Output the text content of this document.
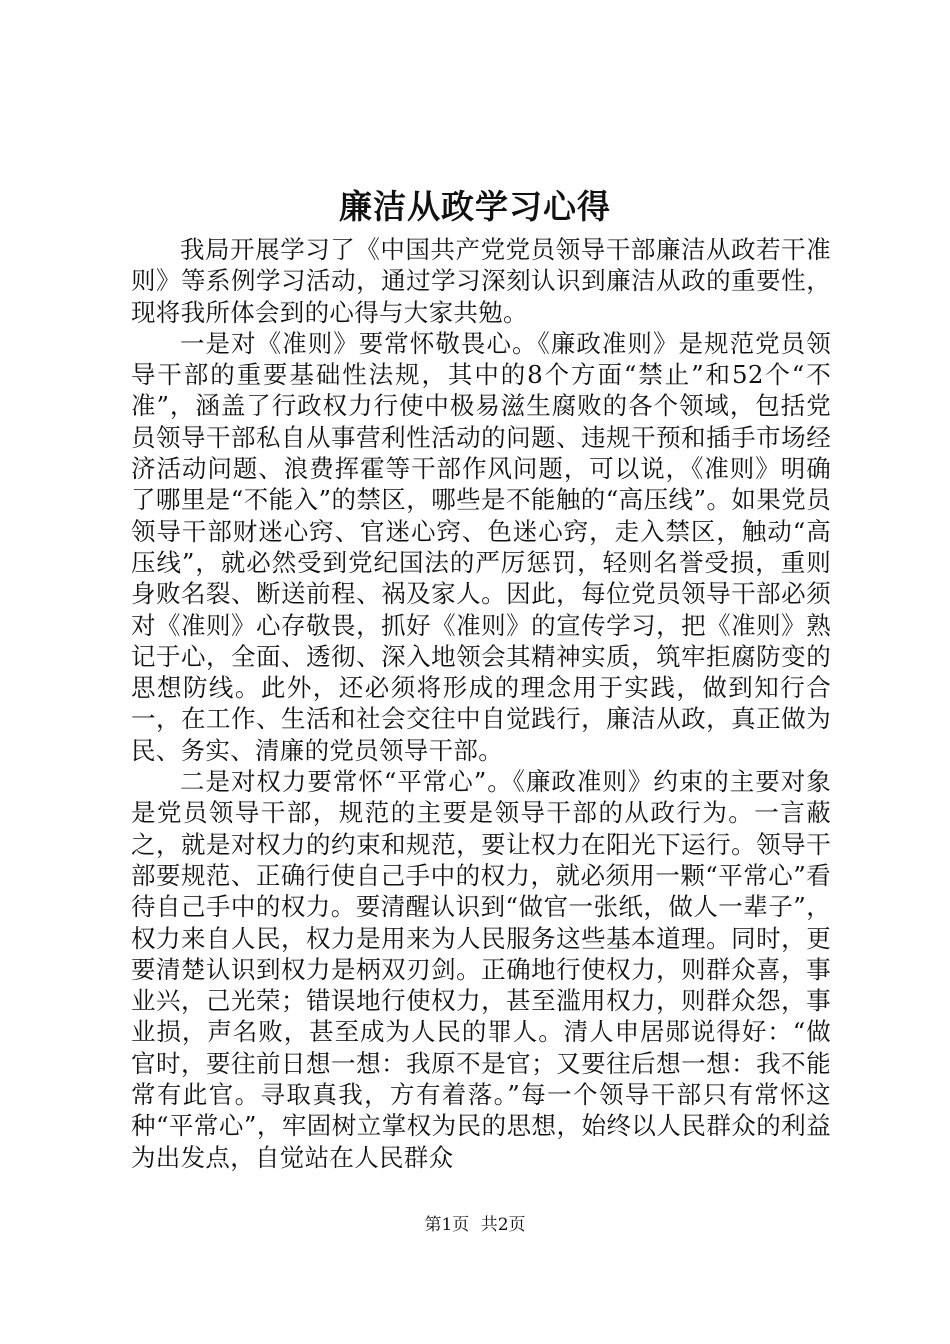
廉洁从政学习心得

我局开展学习了《中国共产党党员领导干部廉洁从政若干准则》等系例学习活动，通过学习深刻认识到廉洁从政的重要性，现将我所体会到的心得与大家共勉。

一是对《准则》要常怀敬畏心。《廉政准则》是规范党员领导干部的重要基础性法规，其中的8个方面“禁止”和52个“不准”，涵盖了行政权力行使中极易滋生腐败的各个领域，包括党员领导干部私自从事营利性活动的问题、违规干预和插手市场经济活动问题、浪费挥霍等干部作风问题，可以说，《准则》明确了哪里是“不能入”的禁区，哪些是不能触的“高压线”。如果党员领导干部财迷心窍、官迷心窍、色迷心窍，走入禁区，触动“高压线”，就必然受到党纪国法的严厉惩罚，轻则名誉受损，重则身败名裂、断送前程、祸及家人。因此，每位党员领导干部必须对《准则》心存敬畏，抓好《准则》的宣传学习，把《准则》熟记于心，全面、透彻、深入地领会其精神实质，筑牢拒腐防变的思想防线。此外，还必须将形成的理念用于实践，做到知行合一，在工作、生活和社会交往中自觉践行，廉洁从政，真正做为民、务实、清廉的党员领导干部。

二是对权力要常怀“平常心”。《廉政准则》约束的主要对象是党员领导干部，规范的主要是领导干部的从政行为。一言蔽之，就是对权力的约束和规范，要让权力在阳光下运行。领导干部要规范、正确行使自己手中的权力，就必须用一颗“平常心”看待自己手中的权力。要清醒认识到“做官一张纸，做人一辈子”，权力来自人民，权力是用来为人民服务这些基本道理。同时，更要清楚认识到权力是柄双刃剑。正确地行使权力，则群众喜，事业兴，己光荣；错误地行使权力，甚至滥用权力，则群众怨，事业损，声名败，甚至成为人民的罪人。清人申居郧说得好：“做官时，要往前日想一想：我原不是官；又要往后想一想：我不能常有此官。寻取真我，方有着落。”每一个领导干部只有常怀这种“平常心”，牢固树立掌权为民的思想，始终以人民群众的利益为出发点，自觉站在人民群众

第1页 共2页
